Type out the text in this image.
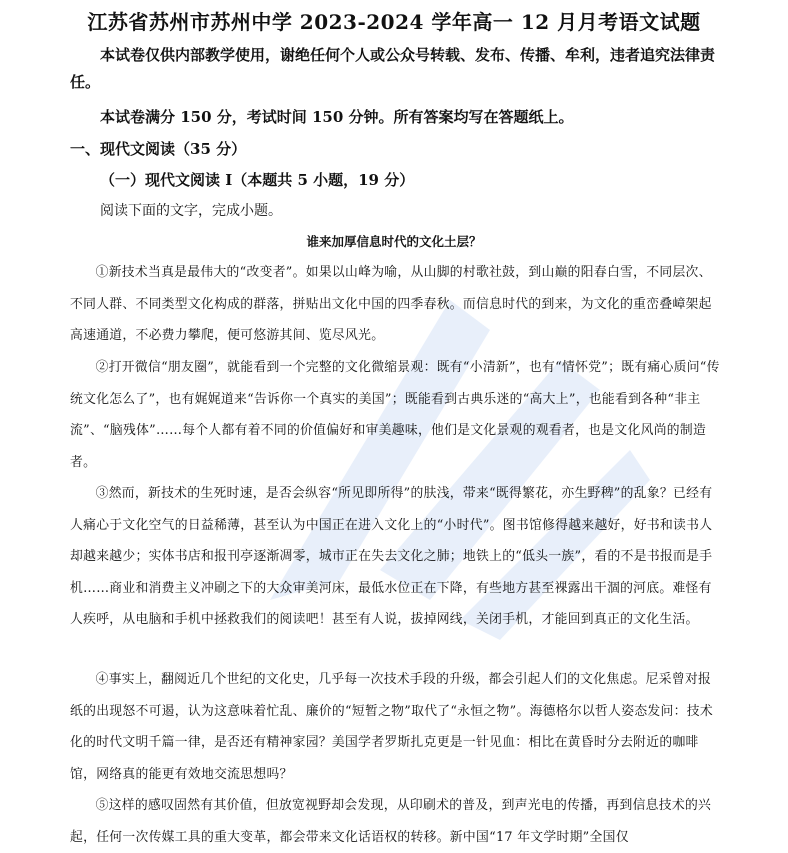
江苏省苏州市苏州中学 2023-2024 学年高一 12 月月考语文试题
本试卷仅供内部教学使用，谢绝任何个人或公众号转载、发布、传播、牟利，违者追究法律责任。
本试卷满分 150 分，考试时间 150 分钟。所有答案均写在答题纸上。
一、现代文阅读（35 分）
（一）现代文阅读 I（本题共 5 小题，19 分）
阅读下面的文字，完成小题。
谁来加厚信息时代的文化土层？
①新技术当真是最伟大的“改变者”。如果以山峰为喻，从山脚的村歌社鼓，到山巅的阳春白雪，不同层次、不同人群、不同类型文化构成的群落，拼贴出文化中国的四季春秋。而信息时代的到来，为文化的重峦叠嶂架起高速通道，不必费力攀爬，便可悠游其间、览尽风光。
②打开微信“朋友圈”，就能看到一个完整的文化微缩景观：既有“小清新”，也有“情怀党”；既有痛心质问“传统文化怎么了”，也有娓娓道来“告诉你一个真实的美国”；既能看到古典乐迷的“高大上”，也能看到各种“非主流”、“脑残体”……每个人都有着不同的价值偏好和审美趣味，他们是文化景观的观看者，也是文化风尚的制造者。
③然而，新技术的生死时速，是否会纵容“所见即所得”的肤浅，带来“既得繁花，亦生野稗”的乱象？已经有人痛心于文化空气的日益稀薄，甚至认为中国正在进入文化上的“小时代”。图书馆修得越来越好，好书和读书人却越来越少；实体书店和报刊亭逐渐凋零，城市正在失去文化之肺；地铁上的“低头一族”，看的不是书报而是手机……商业和消费主义冲刷之下的大众审美河床，最低水位正在下降，有些地方甚至裸露出干涸的河底。难怪有人疾呼，从电脑和手机中拯救我们的阅读吧！甚至有人说，拔掉网线，关闭手机，才能回到真正的文化生活。
④事实上，翻阅近几个世纪的文化史，几乎每一次技术手段的升级，都会引起人们的文化焦虑。尼采曾对报纸的出现怒不可遏，认为这意味着忙乱、廉价的“短暂之物”取代了“永恒之物”。海德格尔以哲人姿态发问：技术化的时代文明千篇一律，是否还有精神家园？美国学者罗斯扎克更是一针见血：相比在黄昏时分去附近的咖啡馆，网络真的能更有效地交流思想吗？
⑤这样的感叹固然有其价值，但放宽视野却会发现，从印刷术的普及，到声光电的传播，再到信息技术的兴起，任何一次传媒工具的重大变革，都会带来文化话语权的转移。新中国“17 年文学时期”全国仅
